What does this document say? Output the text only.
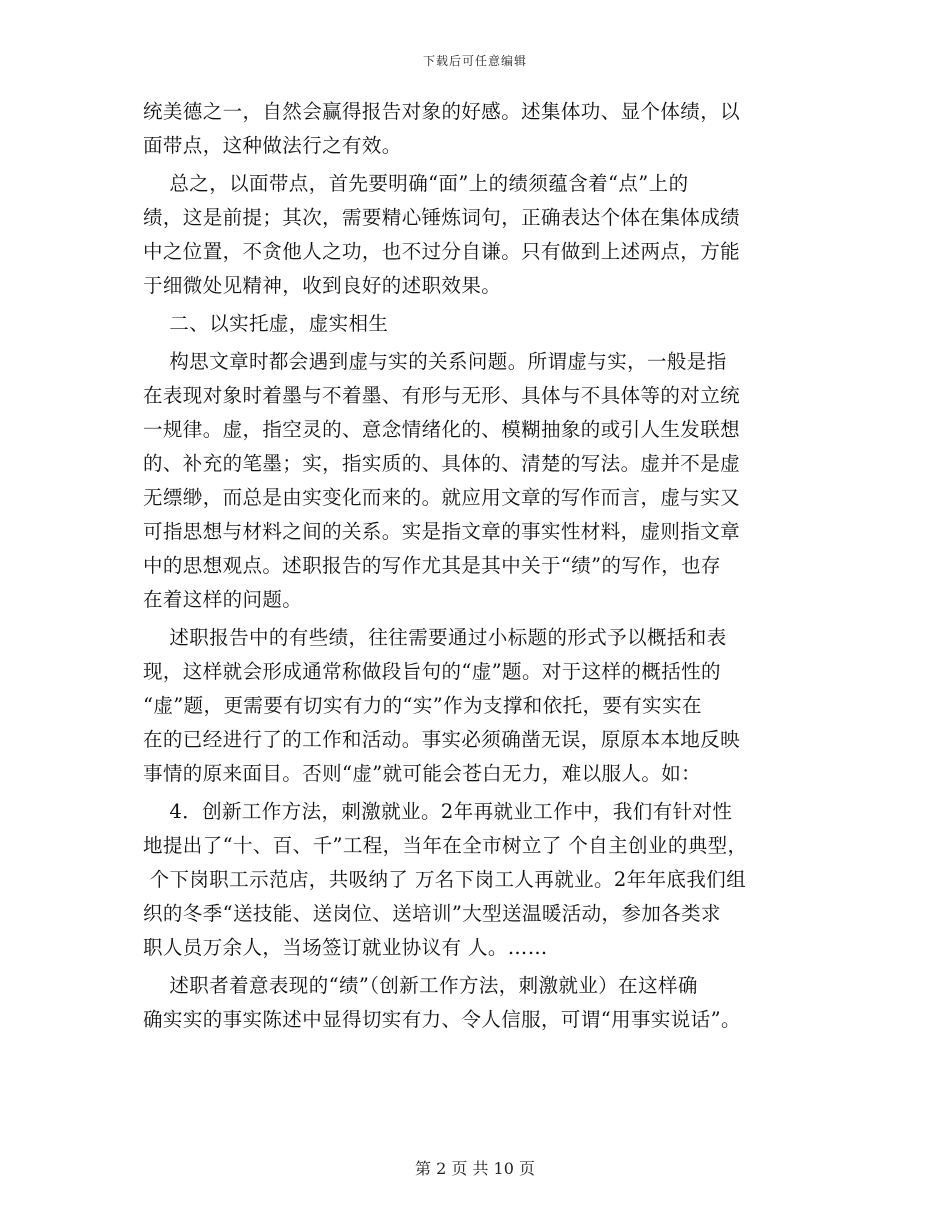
下载后可任意编辑
统美德之一，自然会赢得报告对象的好感。述集体功、显个体绩，以
面带点，这种做法行之有效。
总之，以面带点，首先要明确“面”上的绩须蕴含着“点”上的
绩，这是前提；其次，需要精心锤炼词句，正确表达个体在集体成绩
中之位置，不贪他人之功，也不过分自谦。只有做到上述两点，方能
于细微处见精神，收到良好的述职效果。
二、以实托虚，虚实相生
构思文章时都会遇到虚与实的关系问题。所谓虚与实，一般是指
在表现对象时着墨与不着墨、有形与无形、具体与不具体等的对立统
一规律。虚，指空灵的、意念情绪化的、模糊抽象的或引人生发联想
的、补充的笔墨；实，指实质的、具体的、清楚的写法。虚并不是虚
无缥缈，而总是由实变化而来的。就应用文章的写作而言，虚与实又
可指思想与材料之间的关系。实是指文章的事实性材料，虚则指文章
中的思想观点。述职报告的写作尤其是其中关于“绩”的写作，也存
在着这样的问题。
述职报告中的有些绩，往往需要通过小标题的形式予以概括和表
现，这样就会形成通常称做段旨句的“虚”题。对于这样的概括性的
“虚”题，更需要有切实有力的“实”作为支撑和依托，要有实实在
在的已经进行了的工作和活动。事实必须确凿无误，原原本本地反映
事情的原来面目。否则“虚”就可能会苍白无力，难以服人。如：
4．创新工作方法，刺激就业。2年再就业工作中，我们有针对性
地提出了“十、百、千”工程，当年在全市树立了 个自主创业的典型，
个下岗职工示范店，共吸纳了 万名下岗工人再就业。2年年底我们组
织的冬季“送技能、送岗位、送培训”大型送温暖活动，参加各类求
职人员万余人，当场签订就业协议有 人。……
述职者着意表现的“绩”（创新工作方法，刺激就业）在这样确
确实实的事实陈述中显得切实有力、令人信服，可谓“用事实说话”。
第 2 页 共 10 页
